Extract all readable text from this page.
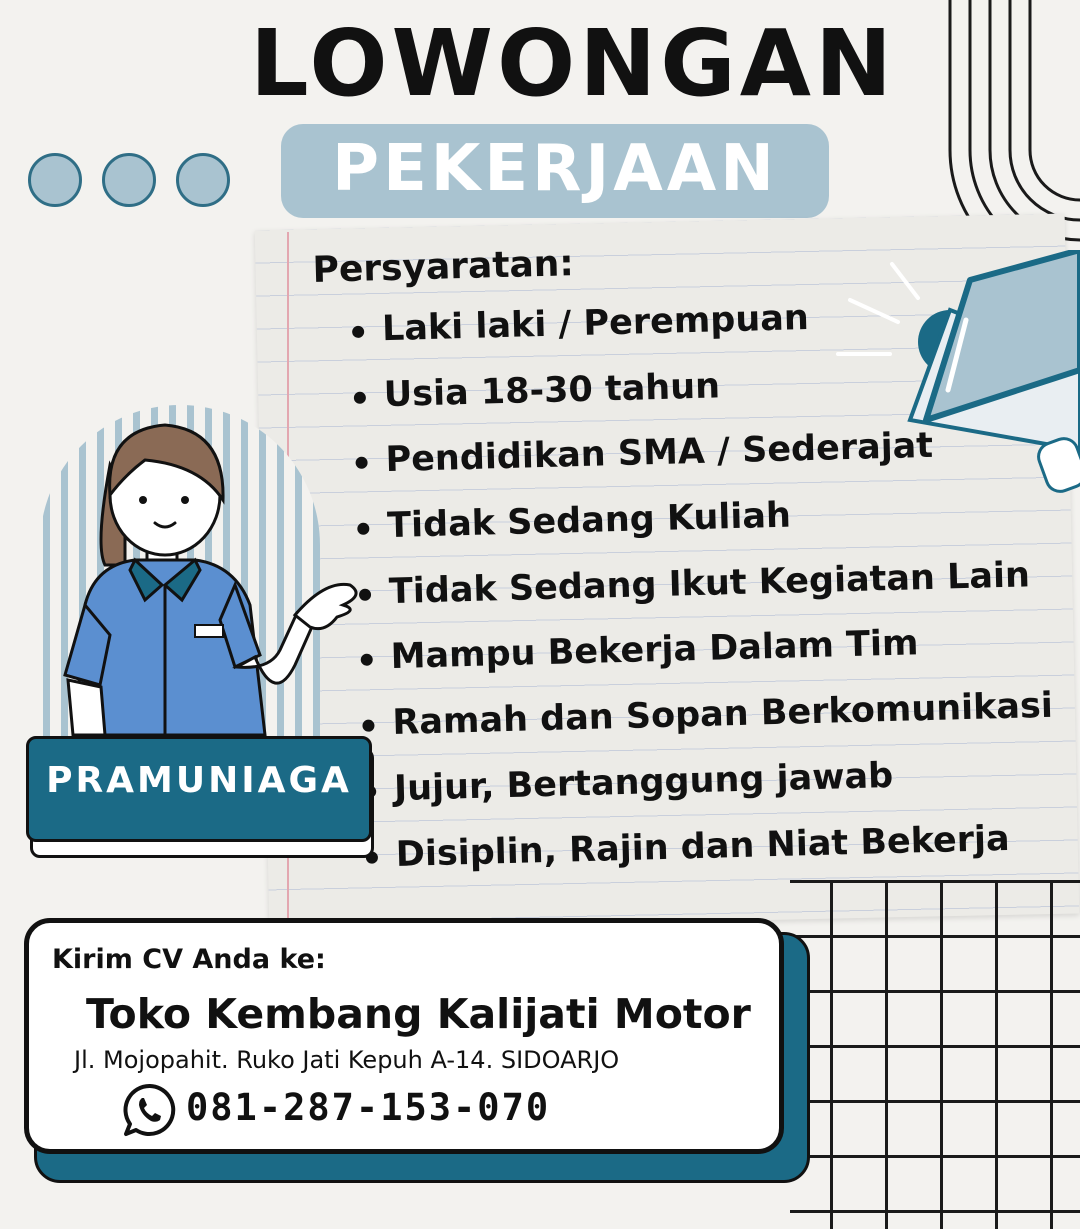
LOWONGAN
PEKERJAAN
Persyaratan:
Laki laki / Perempuan
Usia 18-30 tahun
Pendidikan SMA / Sederajat
Tidak Sedang Kuliah
Tidak Sedang Ikut Kegiatan Lain
Mampu Bekerja Dalam Tim
Ramah dan Sopan Berkomunikasi
Jujur, Bertanggung jawab
Disiplin, Rajin dan Niat Bekerja
PRAMUNIAGA
Kirim CV Anda ke:
Toko Kembang Kalijati Motor
Jl. Mojopahit. Ruko Jati Kepuh A-14. SIDOARJO
081-287-153-070
